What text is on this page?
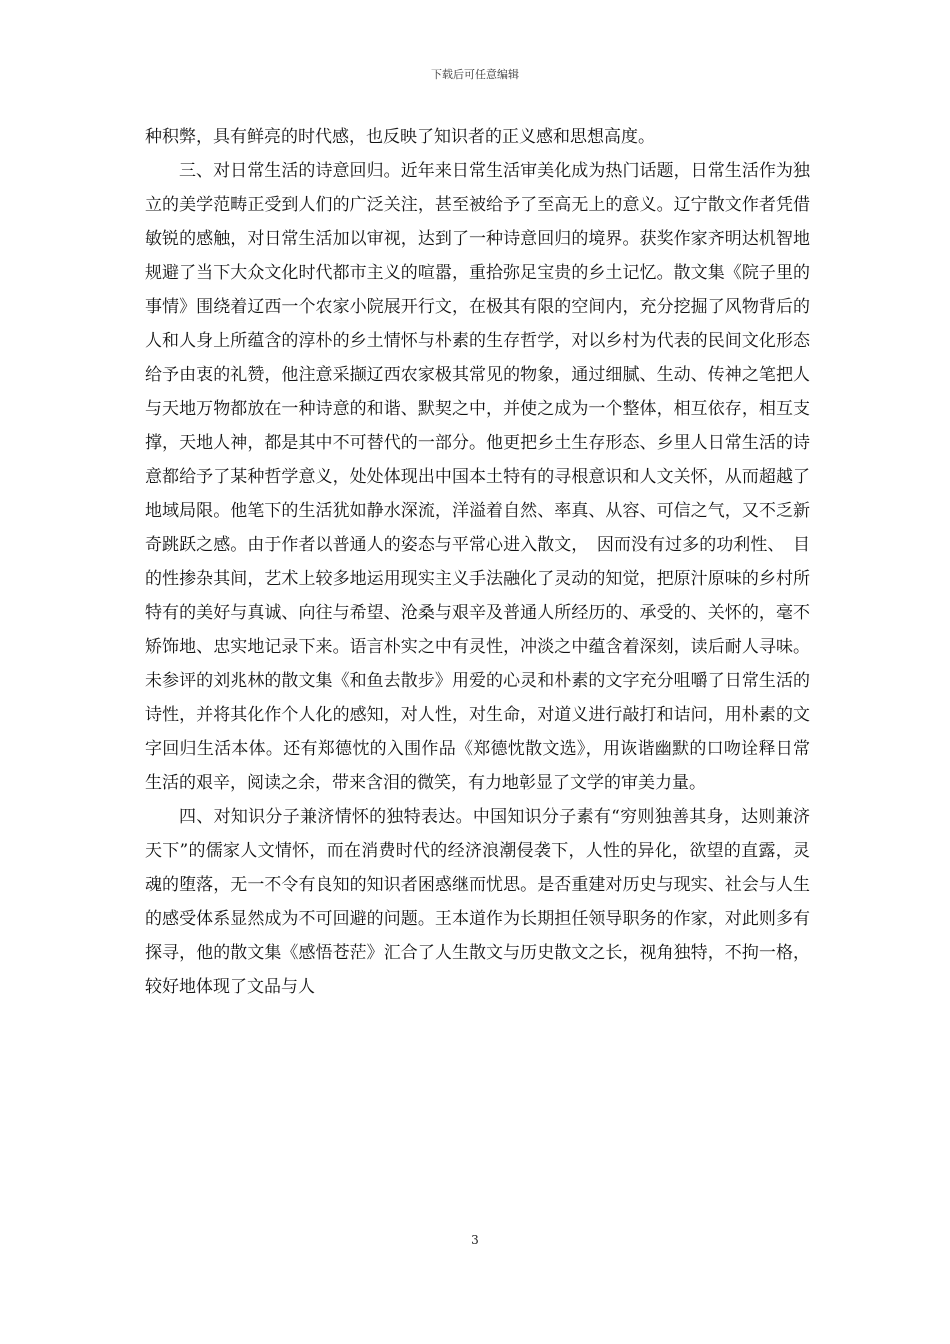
下载后可任意编辑

种积弊，具有鲜亮的时代感，也反映了知识者的正义感和思想高度。

三、对日常生活的诗意回归。近年来日常生活审美化成为热门话题，日常生活作为独立的美学范畴正受到人们的广泛关注，甚至被给予了至高无上的意义。辽宁散文作者凭借敏锐的感触，对日常生活加以审视，达到了一种诗意回归的境界。获奖作家齐明达机智地规避了当下大众文化时代都市主义的喧嚣，重拾弥足宝贵的乡土记忆。散文集《院子里的事情》围绕着辽西一个农家小院展开行文，在极其有限的空间内，充分挖掘了风物背后的人和人身上所蕴含的淳朴的乡土情怀与朴素的生存哲学，对以乡村为代表的民间文化形态给予由衷的礼赞，他注意采撷辽西农家极其常见的物象，通过细腻、生动、传神之笔把人与天地万物都放在一种诗意的和谐、默契之中，并使之成为一个整体，相互依存，相互支撑，天地人神，都是其中不可替代的一部分。他更把乡土生存形态、乡里人日常生活的诗意都给予了某种哲学意义，处处体现出中国本土特有的寻根意识和人文关怀，从而超越了地域局限。他笔下的生活犹如静水深流，洋溢着自然、率真、从容、可信之气，又不乏新奇跳跃之感。由于作者以普通人的姿态与平常心进入散文，　因而没有过多的功利性、　目的性掺杂其间，艺术上较多地运用现实主义手法融化了灵动的知觉，把原汁原味的乡村所特有的美好与真诚、向往与希望、沧桑与艰辛及普通人所经历的、承受的、关怀的，毫不矫饰地、忠实地记录下来。语言朴实之中有灵性，冲淡之中蕴含着深刻，读后耐人寻味。未参评的刘兆林的散文集《和鱼去散步》用爱的心灵和朴素的文字充分咀嚼了日常生活的诗性，并将其化作个人化的感知，对人性，对生命，对道义进行敲打和诘问，用朴素的文字回归生活本体。还有郑德忱的入围作品《郑德忱散文选》，用诙谐幽默的口吻诠释日常生活的艰辛，阅读之余，带来含泪的微笑，有力地彰显了文学的审美力量。

四、对知识分子兼济情怀的独特表达。中国知识分子素有“穷则独善其身，达则兼济天下”的儒家人文情怀，而在消费时代的经济浪潮侵袭下，人性的异化，欲望的直露，灵魂的堕落，无一不令有良知的知识者困惑继而忧思。是否重建对历史与现实、社会与人生的感受体系显然成为不可回避的问题。王本道作为长期担任领导职务的作家，对此则多有探寻，他的散文集《感悟苍茫》汇合了人生散文与历史散文之长，视角独特，不拘一格，较好地体现了文品与人

3
